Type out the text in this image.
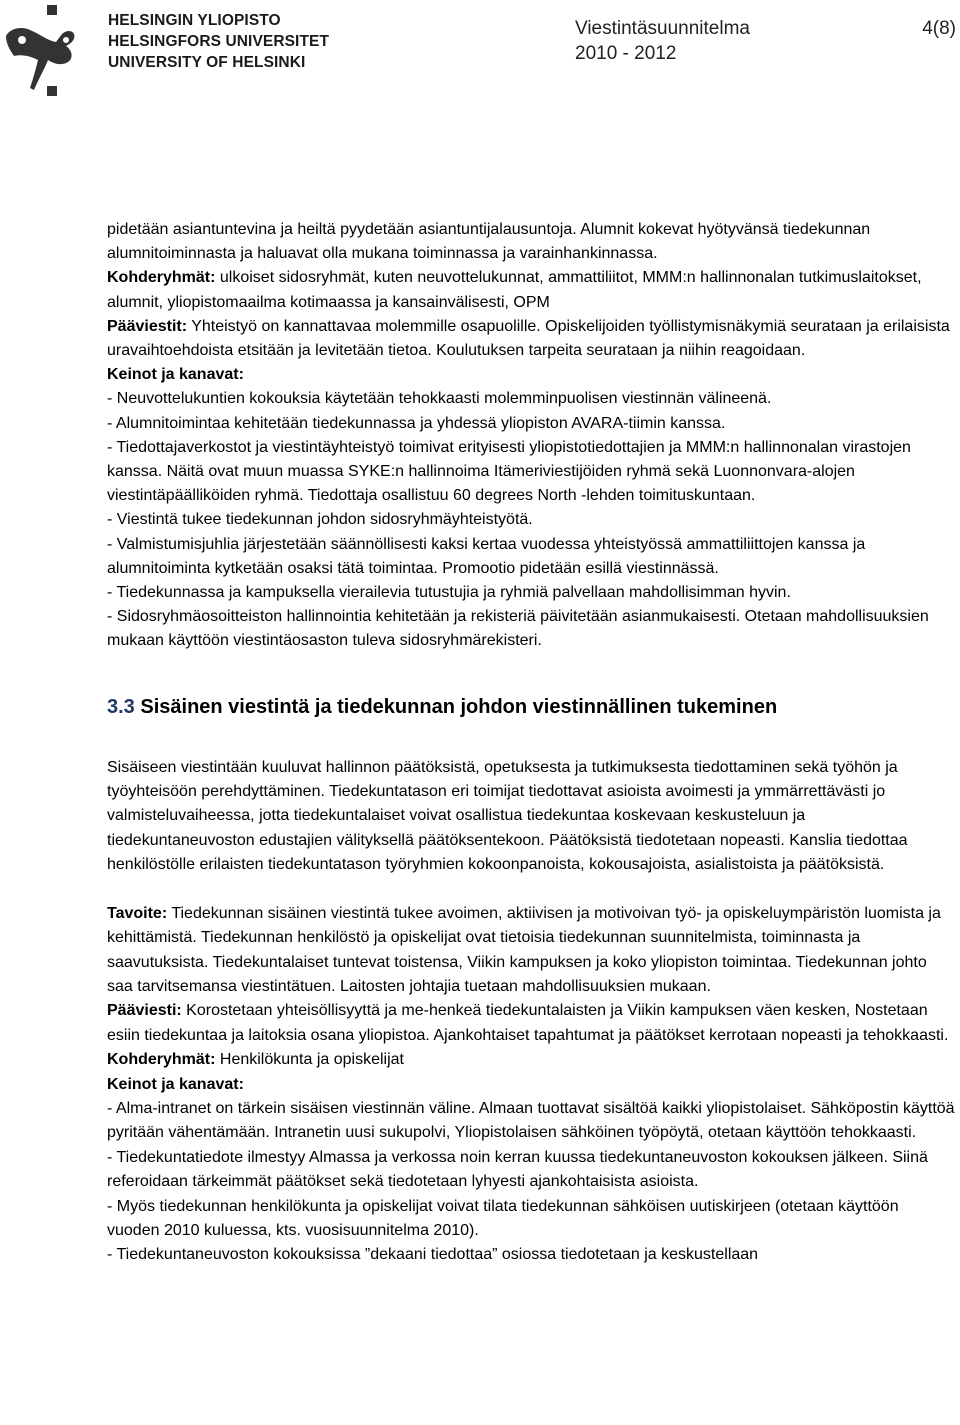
HELSINGIN YLIOPISTO
HELSINGFORS UNIVERSITET
UNIVERSITY OF HELSINKI
Viestintäsuunnitelma
2010 - 2012
4(8)

pidetään asiantuntevina ja heiltä pyydetään asiantuntijalausuntoja. Alumnit kokevat hyötyvänsä tiedekunnan alumnitoiminnasta ja haluavat olla mukana toiminnassa ja varainhankinnassa.

Kohderyhmät: ulkoiset sidosryhmät, kuten neuvottelukunnat, ammattiliitot, MMM:n hallinnonalan tutkimuslaitokset, alumnit, yliopistomaailma kotimaassa ja kansainvälisesti, OPM

Pääviestit: Yhteistyö on kannattavaa molemmille osapuolille. Opiskelijoiden työllistymisnäkymiä seurataan ja erilaisista uravaihtoehdoista etsitään ja levitetään tietoa. Koulutuksen tarpeita seurataan ja niihin reagoidaan.

Keinot ja kanavat:

- Neuvottelukuntien kokouksia käytetään tehokkaasti molemminpuolisen viestinnän välineenä.

- Alumnitoimintaa kehitetään tiedekunnassa ja yhdessä yliopiston AVARA-tiimin kanssa.

- Tiedottajaverkostot ja viestintäyhteistyö toimivat erityisesti yliopistotiedottajien ja MMM:n hallinnonalan virastojen kanssa. Näitä ovat muun muassa SYKE:n hallinnoima Itämeriviestijöiden ryhmä sekä Luonnonvara-alojen viestintäpäälliköiden ryhmä. Tiedottaja osallistuu 60 degrees North -lehden toimituskuntaan.

- Viestintä tukee tiedekunnan johdon sidosryhmäyhteistyötä.

- Valmistumisjuhlia järjestetään säännöllisesti kaksi kertaa vuodessa yhteistyössä ammattiliittojen kanssa ja alumnitoiminta kytketään osaksi tätä toimintaa. Promootio pidetään esillä viestinnässä.

- Tiedekunnassa ja kampuksella vierailevia tutustujia ja ryhmiä palvellaan mahdollisimman hyvin.

- Sidosryhmäosoitteiston hallinnointia kehitetään ja rekisteriä päivitetään asianmukaisesti. Otetaan mahdollisuuksien mukaan käyttöön viestintäosaston tuleva sidosryhmärekisteri.

3.3 Sisäinen viestintä ja tiedekunnan johdon viestinnällinen tukeminen

Sisäiseen viestintään kuuluvat hallinnon päätöksistä, opetuksesta ja tutkimuksesta tiedottaminen sekä työhön ja työyhteisöön perehdyttäminen. Tiedekuntatason eri toimijat tiedottavat asioista avoimesti ja ymmärrettävästi jo valmisteluvaiheessa, jotta tiedekuntalaiset voivat osallistua tiedekuntaa koskevaan keskusteluun ja tiedekuntaneuvoston edustajien välityksellä päätöksentekoon. Päätöksistä tiedotetaan nopeasti. Kanslia tiedottaa henkilöstölle erilaisten tiedekuntatason työryhmien kokoonpanoista, kokousajoista, asialistoista ja päätöksistä.

Tavoite: Tiedekunnan sisäinen viestintä tukee avoimen, aktiivisen ja motivoivan työ- ja opiskeluympäristön luomista ja kehittämistä. Tiedekunnan henkilöstö ja opiskelijat ovat tietoisia tiedekunnan suunnitelmista, toiminnasta ja saavutuksista. Tiedekuntalaiset tuntevat toistensa, Viikin kampuksen ja koko yliopiston toimintaa. Tiedekunnan johto saa tarvitsemansa viestintätuen. Laitosten johtajia tuetaan mahdollisuuksien mukaan.

Pääviesti: Korostetaan yhteisöllisyyttä ja me-henkeä tiedekuntalaisten ja Viikin kampuksen väen kesken, Nostetaan esiin tiedekuntaa ja laitoksia osana yliopistoa. Ajankohtaiset tapahtumat ja päätökset kerrotaan nopeasti ja tehokkaasti.

Kohderyhmät: Henkilökunta ja opiskelijat

Keinot ja kanavat:

- Alma-intranet on tärkein sisäisen viestinnän väline. Almaan tuottavat sisältöä kaikki yliopistolaiset. Sähköpostin käyttöä pyritään vähentämään. Intranetin uusi sukupolvi, Yliopistolaisen sähköinen työpöytä, otetaan käyttöön tehokkaasti.

- Tiedekuntatiedote ilmestyy Almassa ja verkossa noin kerran kuussa tiedekuntaneuvoston kokouksen jälkeen. Siinä referoidaan tärkeimmät päätökset sekä tiedotetaan lyhyesti ajankohtaisista asioista.

- Myös tiedekunnan henkilökunta ja opiskelijat voivat tilata tiedekunnan sähköisen uutiskirjeen (otetaan käyttöön vuoden 2010 kuluessa, kts. vuosisuunnitelma 2010).

- Tiedekuntaneuvoston kokouksissa ”dekaani tiedottaa” osiossa tiedotetaan ja keskustellaan
